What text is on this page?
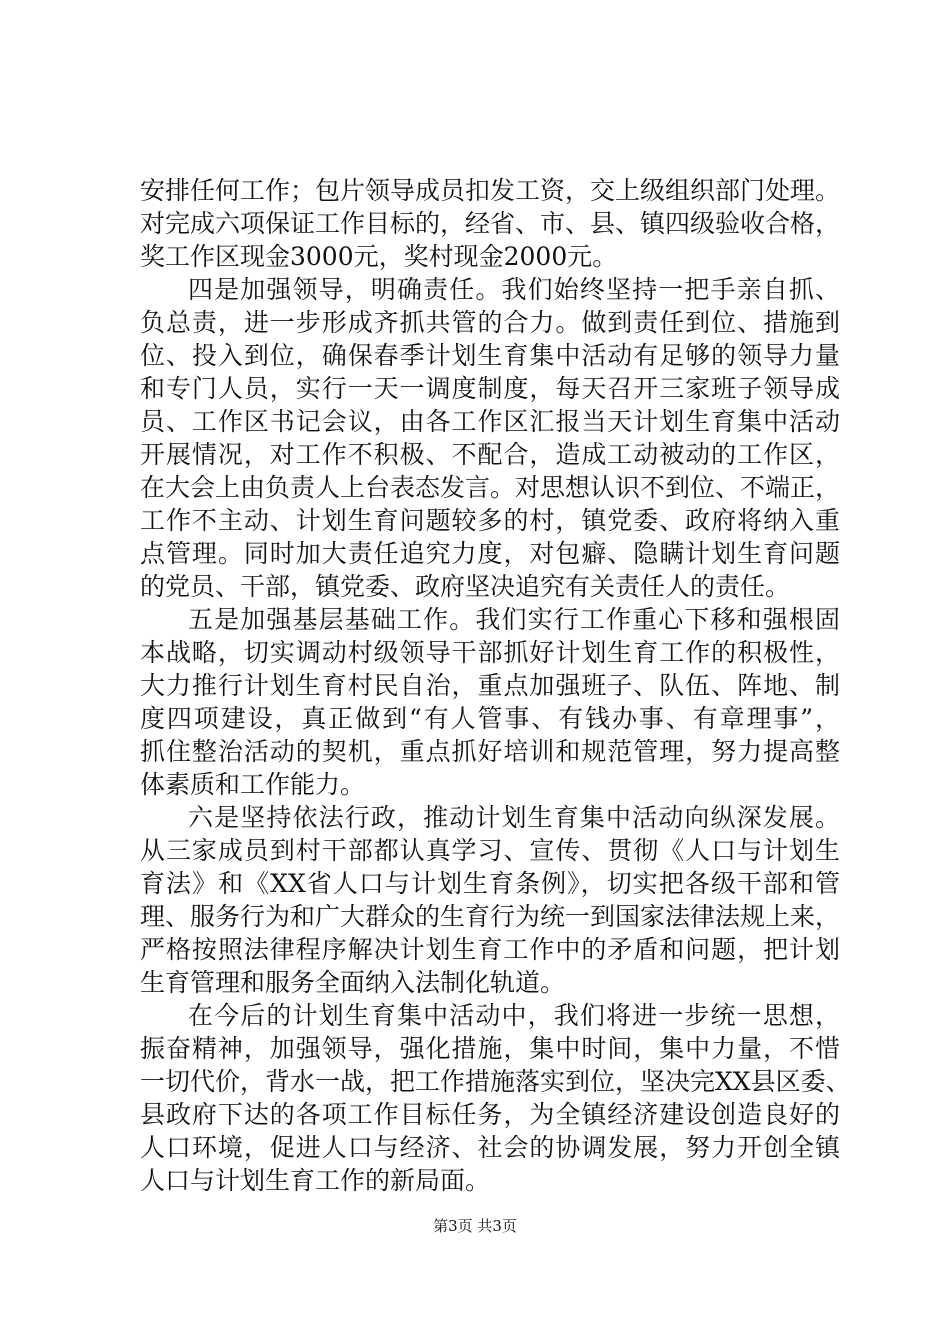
安排任何工作；包片领导成员扣发工资，交上级组织部门处理。

对完成六项保证工作目标的，经省、市、县、镇四级验收合格，

奖工作区现金3000元，奖村现金2000元。

四是加强领导，明确责任。我们始终坚持一把手亲自抓、

负总责，进一步形成齐抓共管的合力。做到责任到位、措施到

位、投入到位，确保春季计划生育集中活动有足够的领导力量

和专门人员，实行一天一调度制度，每天召开三家班子领导成

员、工作区书记会议，由各工作区汇报当天计划生育集中活动

开展情况，对工作不积极、不配合，造成工动被动的工作区，

在大会上由负责人上台表态发言。对思想认识不到位、不端正，

工作不主动、计划生育问题较多的村，镇党委、政府将纳入重

点管理。同时加大责任追究力度，对包癖、隐瞒计划生育问题

的党员、干部，镇党委、政府坚决追究有关责任人的责任。

五是加强基层基础工作。我们实行工作重心下移和强根固

本战略，切实调动村级领导干部抓好计划生育工作的积极性，

大力推行计划生育村民自治，重点加强班子、队伍、阵地、制

度四项建设，真正做到“有人管事、有钱办事、有章理事”，

抓住整治活动的契机，重点抓好培训和规范管理，努力提高整

体素质和工作能力。

六是坚持依法行政，推动计划生育集中活动向纵深发展。

从三家成员到村干部都认真学习、宣传、贯彻《人口与计划生

育法》和《XX省人口与计划生育条例》，切实把各级干部和管

理、服务行为和广大群众的生育行为统一到国家法律法规上来，

严格按照法律程序解决计划生育工作中的矛盾和问题，把计划

生育管理和服务全面纳入法制化轨道。

在今后的计划生育集中活动中，我们将进一步统一思想，

振奋精神，加强领导，强化措施，集中时间，集中力量，不惜

一切代价，背水一战，把工作措施落实到位，坚决完XX县区委、

县政府下达的各项工作目标任务，为全镇经济建设创造良好的

人口环境，促进人口与经济、社会的协调发展，努力开创全镇

人口与计划生育工作的新局面。

第3页 共3页
